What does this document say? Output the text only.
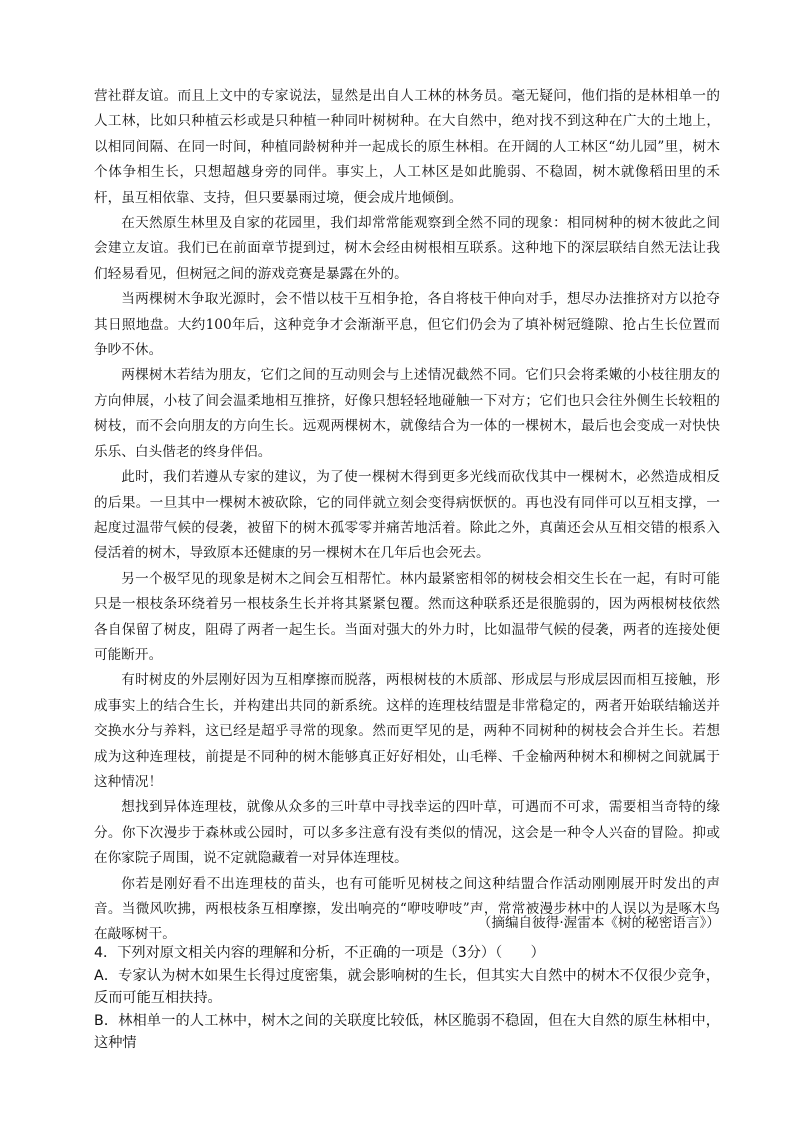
营社群友谊。而且上文中的专家说法，显然是出自人工林的林务员。毫无疑问，他们指的是林相单一的人工林，比如只种植云杉或是只种植一种同叶树树种。在大自然中，绝对找不到这种在广大的土地上，以相同间隔、在同一时间，种植同龄树种并一起成长的原生林相。在开阔的人工林区“幼儿园”里，树木个体争相生长，只想超越身旁的同伴。事实上，人工林区是如此脆弱、不稳固，树木就像稻田里的禾杆，虽互相依靠、支持，但只要暴雨过境，便会成片地倾倒。

在天然原生林里及自家的花园里，我们却常常能观察到全然不同的现象：相同树种的树木彼此之间会建立友谊。我们已在前面章节提到过，树木会经由树根相互联系。这种地下的深层联结自然无法让我们轻易看见，但树冠之间的游戏竞赛是暴露在外的。

当两棵树木争取光源时，会不惜以枝干互相争抢，各自将枝干伸向对手，想尽办法推挤对方以抢夺其日照地盘。大约100年后，这种竞争才会渐渐平息，但它们仍会为了填补树冠缝隙、抢占生长位置而争吵不休。

两棵树木若结为朋友，它们之间的互动则会与上述情况截然不同。它们只会将柔嫩的小枝往朋友的方向伸展，小枝了间会温柔地相互推挤，好像只想轻轻地碰触一下对方；它们也只会往外侧生长较粗的树枝，而不会向朋友的方向生长。远观两棵树木，就像结合为一体的一棵树木，最后也会变成一对快快乐乐、白头偕老的终身伴侣。

此时，我们若遵从专家的建议，为了使一棵树木得到更多光线而砍伐其中一棵树木，必然造成相反的后果。一旦其中一棵树木被砍除，它的同伴就立刻会变得病恹恹的。再也没有同伴可以互相支撑，一起度过温带气候的侵袭，被留下的树木孤零零并痛苦地活着。除此之外，真菌还会从互相交错的根系入侵活着的树木，导致原本还健康的另一棵树木在几年后也会死去。

另一个极罕见的现象是树木之间会互相帮忙。林内最紧密相邻的树枝会相交生长在一起，有时可能只是一根枝条环绕着另一根枝条生长并将其紧紧包覆。然而这种联系还是很脆弱的，因为两根树枝依然各自保留了树皮，阻碍了两者一起生长。当面对强大的外力时，比如温带气候的侵袭，两者的连接处便可能断开。

有时树皮的外层刚好因为互相摩擦而脱落，两根树枝的木质部、形成层与形成层因而相互接触，形成事实上的结合生长，并构建出共同的新系统。这样的连理枝结盟是非常稳定的，两者开始联结输送并交换水分与养料，这已经是超乎寻常的现象。然而更罕见的是，两种不同树种的树枝会合并生长。若想成为这种连理枝，前提是不同种的树木能够真正好好相处，山毛榉、千金榆两种树木和柳树之间就属于这种情况！

想找到异体连理枝，就像从众多的三叶草中寻找幸运的四叶草，可遇而不可求，需要相当奇特的缘分。你下次漫步于森林或公园时，可以多多注意有没有类似的情况，这会是一种令人兴奋的冒险。抑或在你家院子周围，说不定就隐藏着一对异体连理枝。

你若是刚好看不出连理枝的苗头，也有可能听见树枝之间这种结盟合作活动刚刚展开时发出的声音。当微风吹拂，两根枝条互相摩擦，发出响亮的“咿吱咿吱”声，常常被漫步林中的人误以为是啄木鸟在敲啄树干。

（摘编自彼得·渥雷本《树的秘密语言》）

4．下列对原文相关内容的理解和分析，不正确的一项是（3分）（　　）

A．专家认为树木如果生长得过度密集，就会影响树的生长，但其实大自然中的树木不仅很少竞争，反而可能互相扶持。

B．林相单一的人工林中，树木之间的关联度比较低，林区脆弱不稳固，但在大自然的原生林相中，这种情
